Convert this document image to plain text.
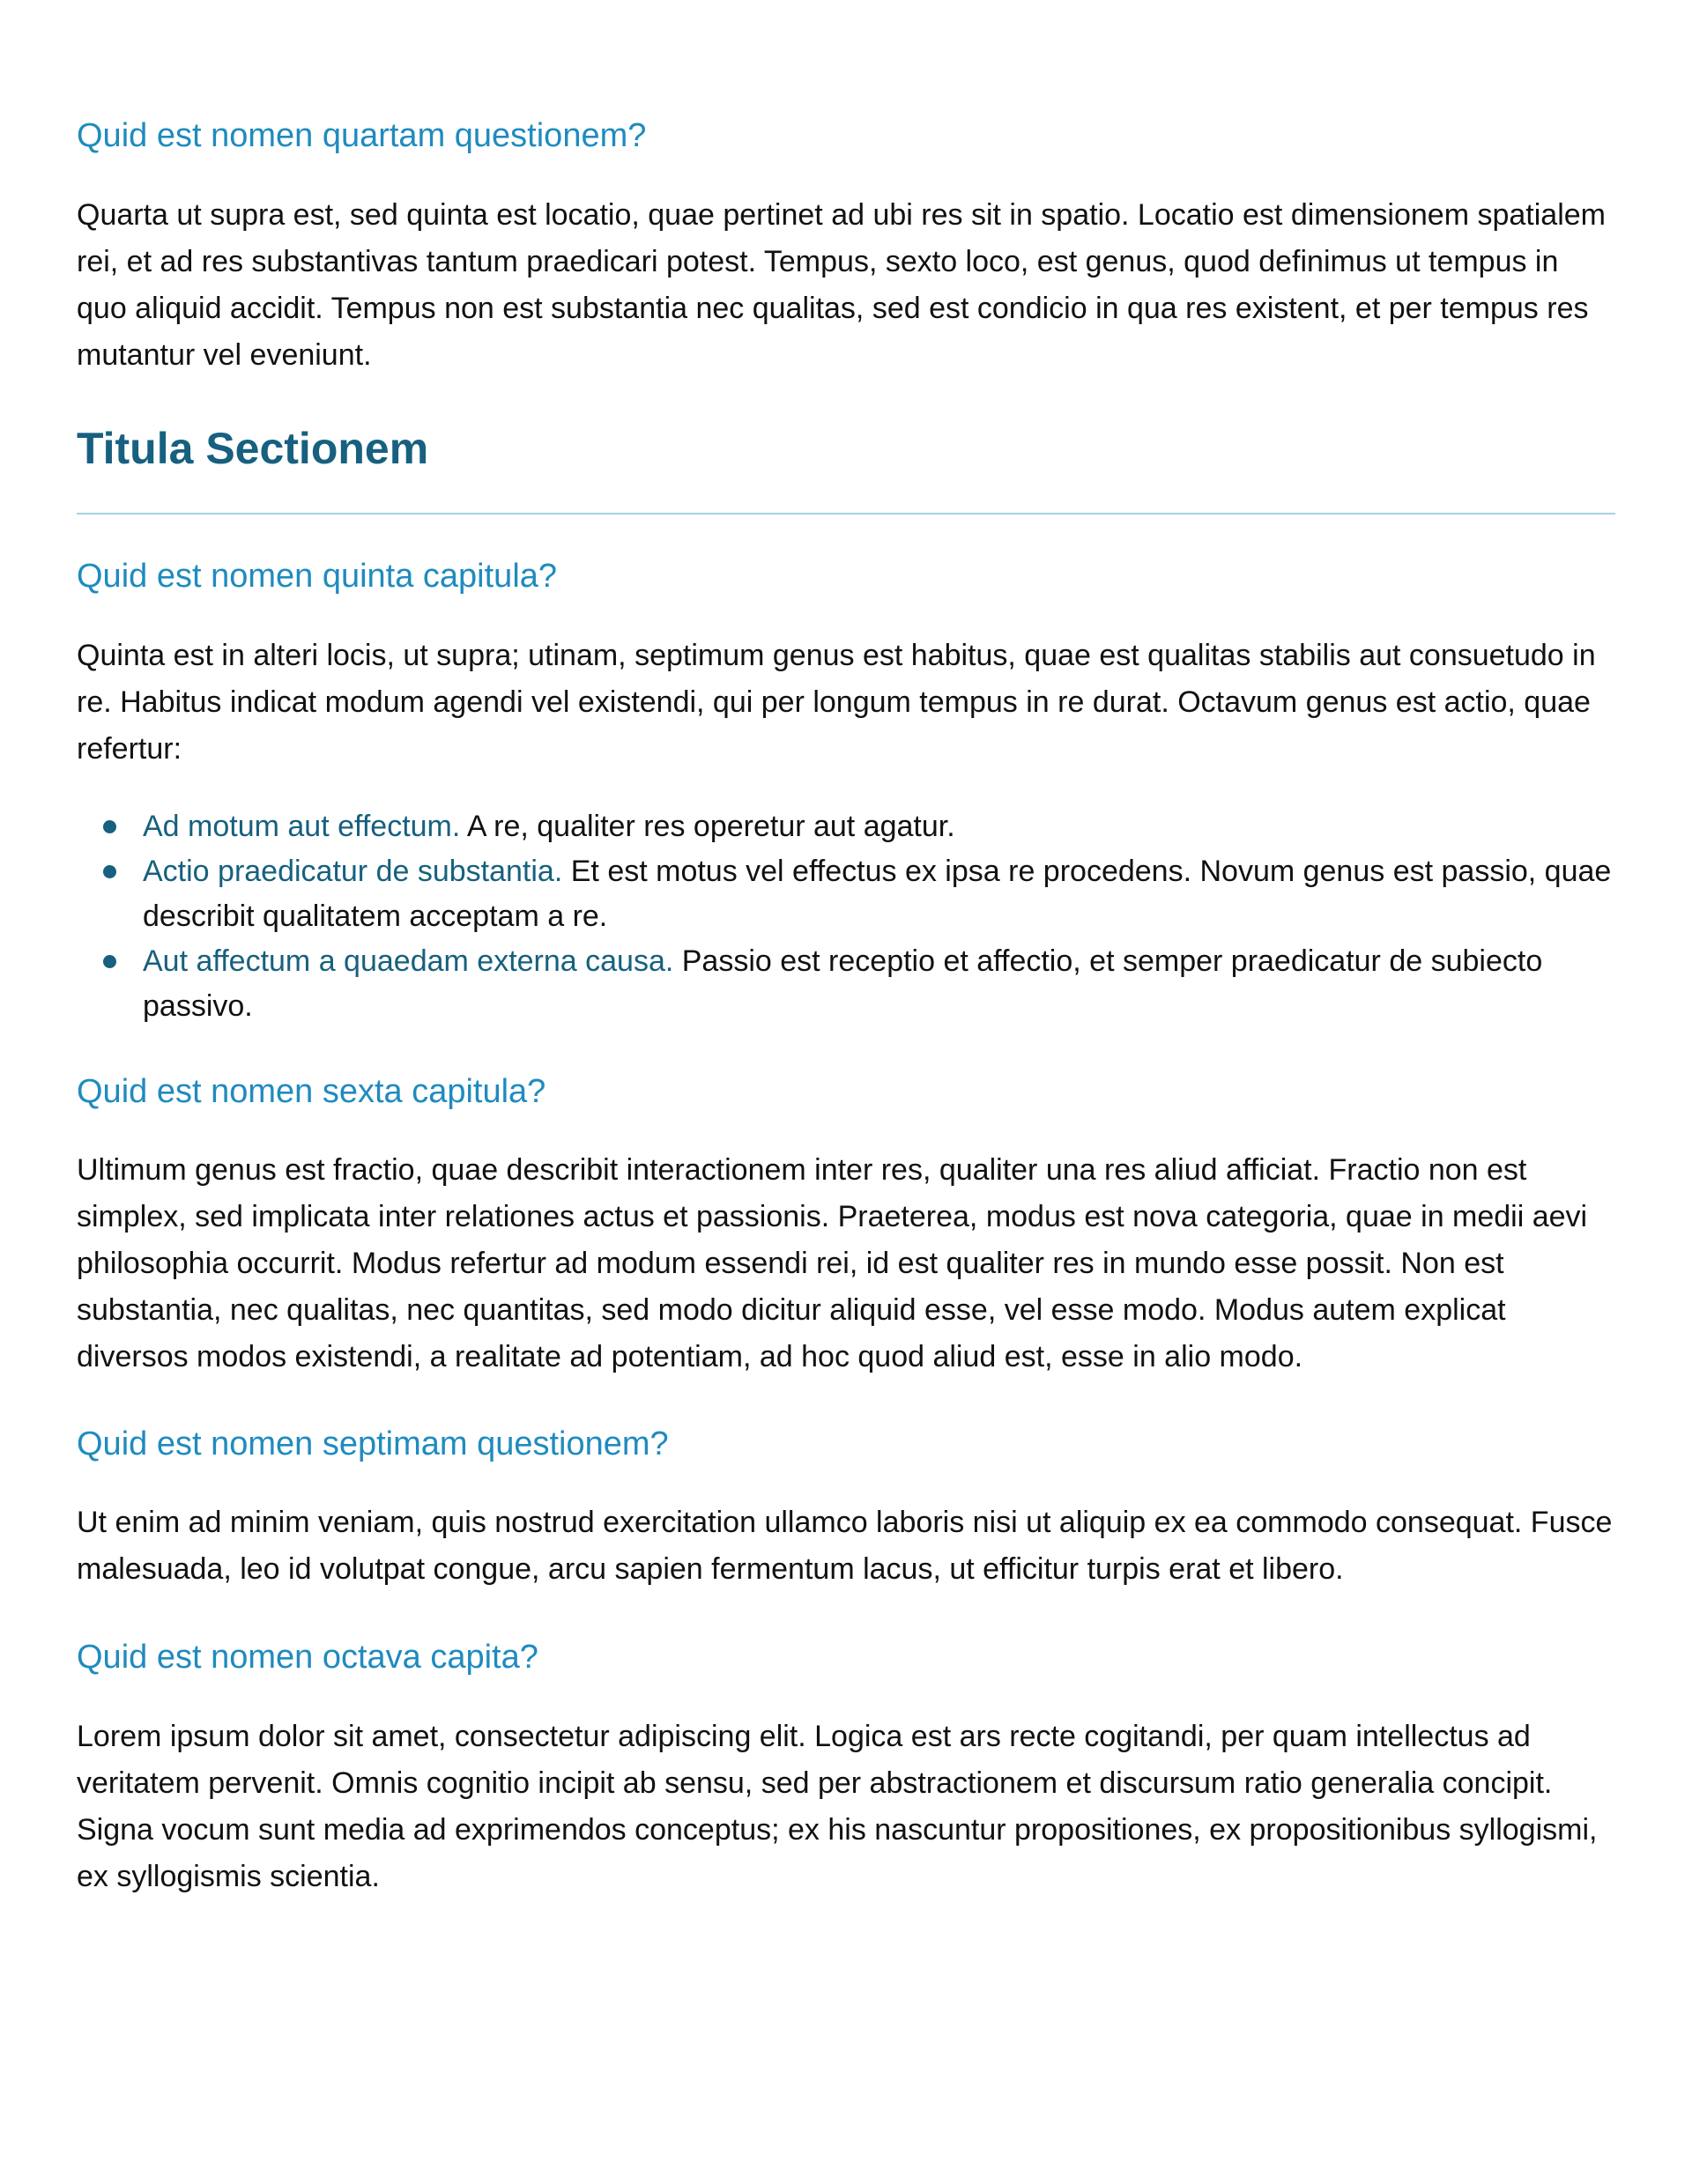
Quid est nomen quartam questionem?

Quarta ut supra est, sed quinta est locatio, quae pertinet ad ubi res sit in spatio. Locatio est dimensionem spatialem rei, et ad res substantivas tantum praedicari potest. Tempus, sexto loco, est genus, quod definimus ut tempus in quo aliquid accidit. Tempus non est substantia nec qualitas, sed est condicio in qua res existent, et per tempus res mutantur vel eveniunt.

Titula Sectionem
Quid est nomen quinta capitula?

Quinta est in alteri locis, ut supra; utinam, septimum genus est habitus, quae est qualitas stabilis aut consuetudo in re. Habitus indicat modum agendi vel existendi, qui per longum tempus in re durat. Octavum genus est actio, quae refertur:

Ad motum aut effectum. A re, qualiter res operetur aut agatur.
Actio praedicatur de substantia. Et est motus vel effectus ex ipsa re procedens. Novum genus est passio, quae describit qualitatem acceptam a re.
Aut affectum a quaedam externa causa. Passio est receptio et affectio, et semper praedicatur de subiecto passivo.
Quid est nomen sexta capitula?

Ultimum genus est fractio, quae describit interactionem inter res, qualiter una res aliud afficiat. Fractio non est simplex, sed implicata inter relationes actus et passionis. Praeterea, modus est nova categoria, quae in medii aevi philosophia occurrit. Modus refertur ad modum essendi rei, id est qualiter res in mundo esse possit. Non est substantia, nec qualitas, nec quantitas, sed modo dicitur aliquid esse, vel esse modo. Modus autem explicat diversos modos existendi, a realitate ad potentiam, ad hoc quod aliud est, esse in alio modo.

Quid est nomen septimam questionem?

Ut enim ad minim veniam, quis nostrud exercitation ullamco laboris nisi ut aliquip ex ea commodo consequat. Fusce malesuada, leo id volutpat congue, arcu sapien fermentum lacus, ut efficitur turpis erat et libero.

Quid est nomen octava capita?

Lorem ipsum dolor sit amet, consectetur adipiscing elit. Logica est ars recte cogitandi, per quam intellectus ad veritatem pervenit. Omnis cognitio incipit ab sensu, sed per abstractionem et discursum ratio generalia concipit. Signa vocum sunt media ad exprimendos conceptus; ex his nascuntur propositiones, ex propositionibus syllogismi, ex syllogismis scientia.
